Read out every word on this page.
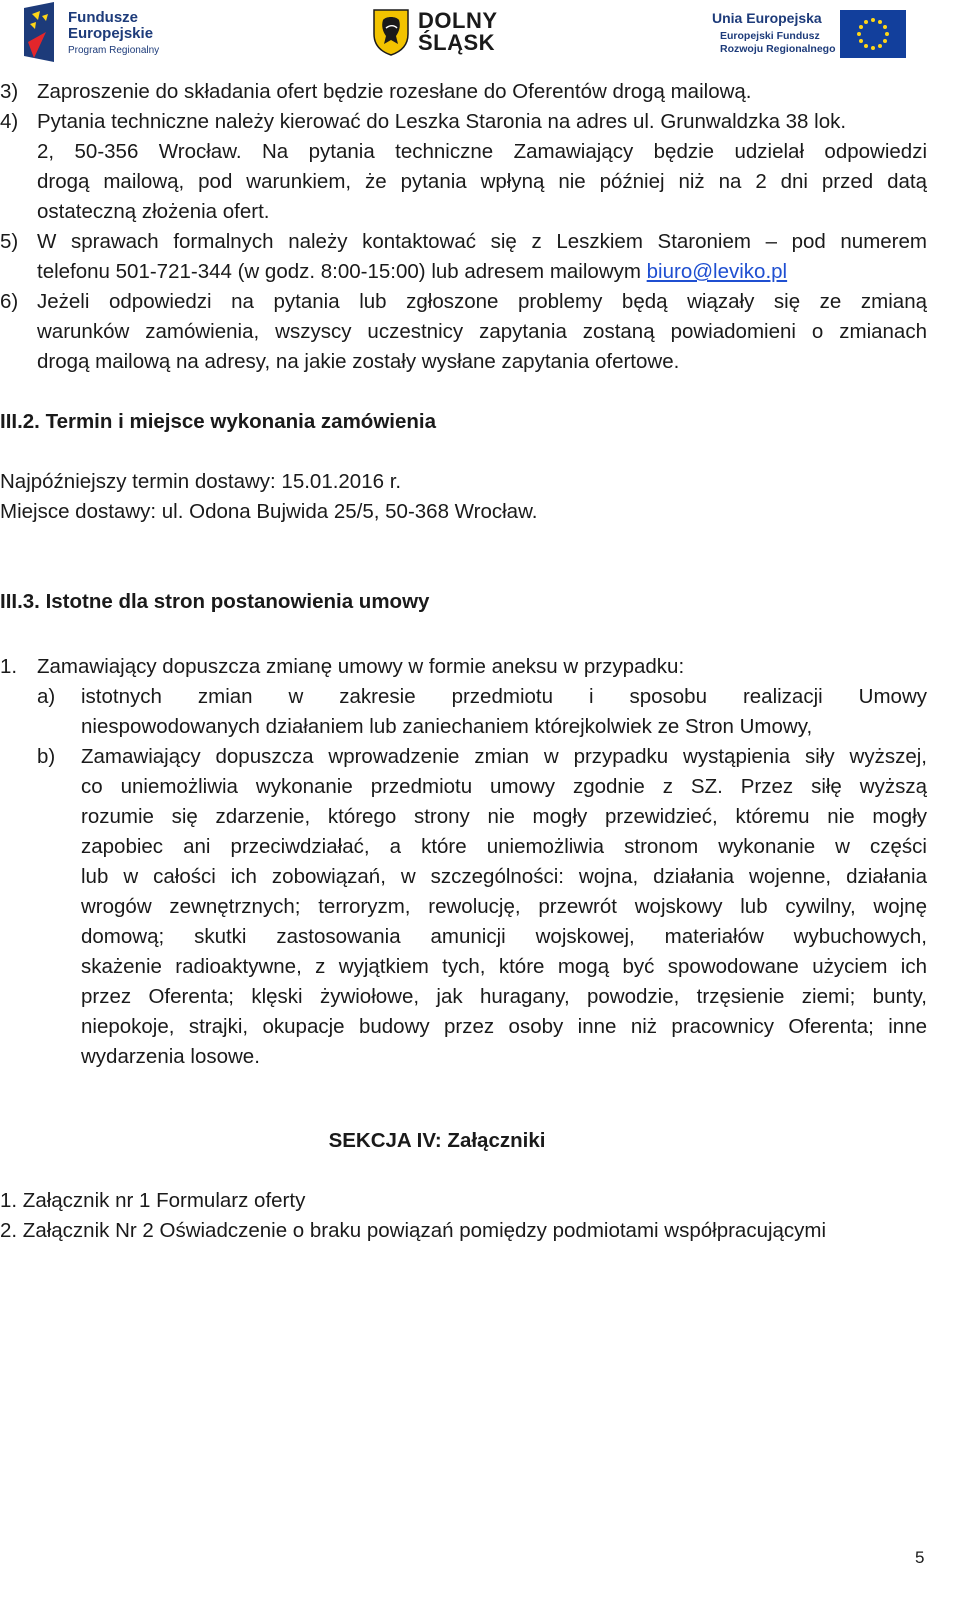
Fundusze
Europejskie
Program Regionalny
DOLNY
ŚLĄSK
Unia Europejska
Europejski Fundusz
Rozwoju Regionalnego
3) Zaproszenie do składania ofert będzie rozesłane do Oferentów drogą mailową.
4) Pytania techniczne należy kierować do Leszka Staronia na adres ul. Grunwaldzka 38 lok.
2, 50-356 Wrocław. Na pytania techniczne Zamawiający będzie udzielał odpowiedzi
drogą mailową, pod warunkiem, że pytania wpłyną nie później niż na 2 dni przed datą
ostateczną złożenia ofert.
5) W sprawach formalnych należy kontaktować się z Leszkiem Staroniem – pod numerem
telefonu 501-721-344 (w godz. 8:00-15:00) lub adresem mailowym biuro@leviko.pl
6) Jeżeli odpowiedzi na pytania lub zgłoszone problemy będą wiązały się ze zmianą
warunków zamówienia, wszyscy uczestnicy zapytania zostaną powiadomieni o zmianach
drogą mailową na adresy, na jakie zostały wysłane zapytania ofertowe.
III.2. Termin i miejsce wykonania zamówienia
Najpóźniejszy termin dostawy: 15.01.2016 r.
Miejsce dostawy: ul. Odona Bujwida 25/5, 50-368 Wrocław.
III.3. Istotne dla stron postanowienia umowy
1. Zamawiający dopuszcza zmianę umowy w formie aneksu w przypadku:
a) istotnych zmian w zakresie przedmiotu i sposobu realizacji Umowy
niespowodowanych działaniem lub zaniechaniem którejkolwiek ze Stron Umowy,
b) Zamawiający dopuszcza wprowadzenie zmian w przypadku wystąpienia siły wyższej,
co uniemożliwia wykonanie przedmiotu umowy zgodnie z SZ. Przez siłę wyższą
rozumie się zdarzenie, którego strony nie mogły przewidzieć, któremu nie mogły
zapobiec ani przeciwdziałać, a które uniemożliwia stronom wykonanie w części
lub w całości ich zobowiązań, w szczególności: wojna, działania wojenne, działania
wrogów zewnętrznych; terroryzm, rewolucję, przewrót wojskowy lub cywilny, wojnę
domową; skutki zastosowania amunicji wojskowej, materiałów wybuchowych,
skażenie radioaktywne, z wyjątkiem tych, które mogą być spowodowane użyciem ich
przez Oferenta; klęski żywiołowe, jak huragany, powodzie, trzęsienie ziemi; bunty,
niepokoje, strajki, okupacje budowy przez osoby inne niż pracownicy Oferenta; inne
wydarzenia losowe.
SEKCJA IV: Załączniki
1. Załącznik nr 1 Formularz oferty
2. Załącznik Nr 2 Oświadczenie o braku powiązań pomiędzy podmiotami współpracującymi
5
